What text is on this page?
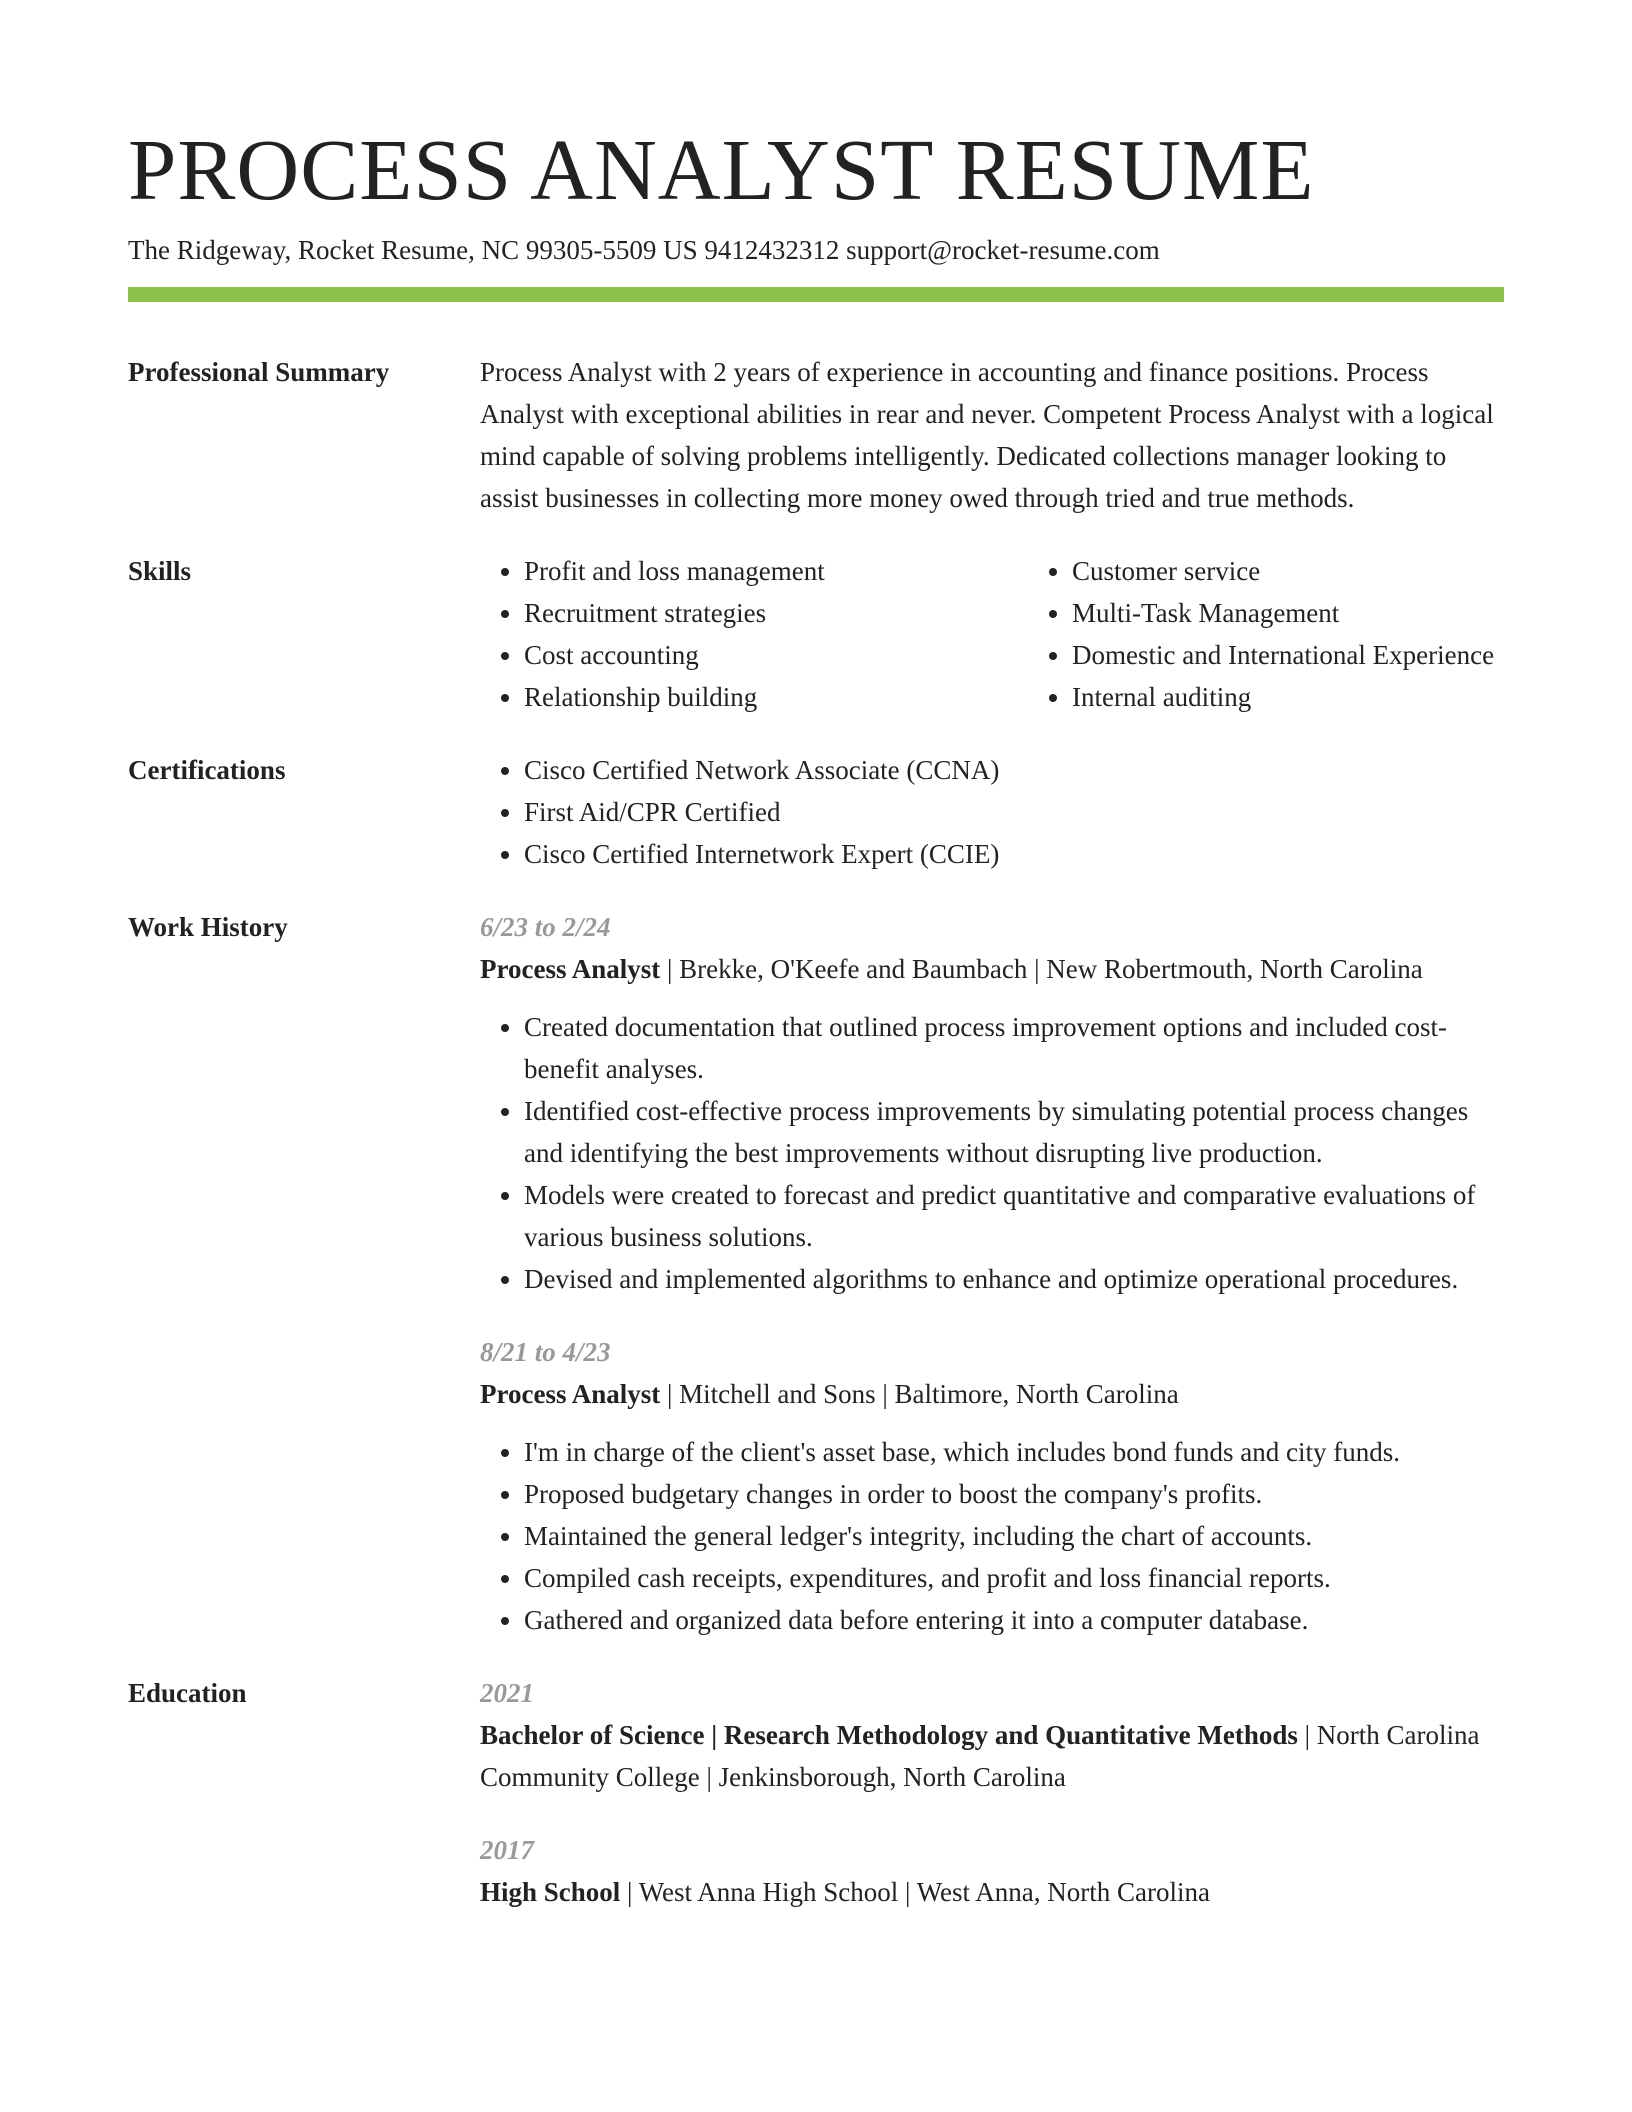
PROCESS ANALYST RESUME
The Ridgeway, Rocket Resume, NC 99305-5509 US 9412432312 support@rocket-resume.com
Professional Summary	Process Analyst with 2 years of experience in accounting and finance positions. Process Analyst with exceptional abilities in rear and never. Competent Process Analyst with a logical mind capable of solving problems intelligently. Dedicated collections manager looking to assist businesses in collecting more money owed through tried and true methods.
Skills	• Profit and loss management
• Recruitment strategies
• Cost accounting
• Relationship building
• Customer service
• Multi-Task Management
• Domestic and International Experience
• Internal auditing
Certifications	• Cisco Certified Network Associate (CCNA)
• First Aid/CPR Certified
• Cisco Certified Internetwork Expert (CCIE)
Work History	6/23 to 2/24
Process Analyst | Brekke, O'Keefe and Baumbach | New Robertmouth, North Carolina
• Created documentation that outlined process improvement options and included cost-benefit analyses.
• Identified cost-effective process improvements by simulating potential process changes and identifying the best improvements without disrupting live production.
• Models were created to forecast and predict quantitative and comparative evaluations of various business solutions.
• Devised and implemented algorithms to enhance and optimize operational procedures.
8/21 to 4/23
Process Analyst | Mitchell and Sons | Baltimore, North Carolina
• I'm in charge of the client's asset base, which includes bond funds and city funds.
• Proposed budgetary changes in order to boost the company's profits.
• Maintained the general ledger's integrity, including the chart of accounts.
• Compiled cash receipts, expenditures, and profit and loss financial reports.
• Gathered and organized data before entering it into a computer database.
Education	2021
Bachelor of Science | Research Methodology and Quantitative Methods | North Carolina Community College | Jenkinsborough, North Carolina
2017
High School | West Anna High School | West Anna, North Carolina
